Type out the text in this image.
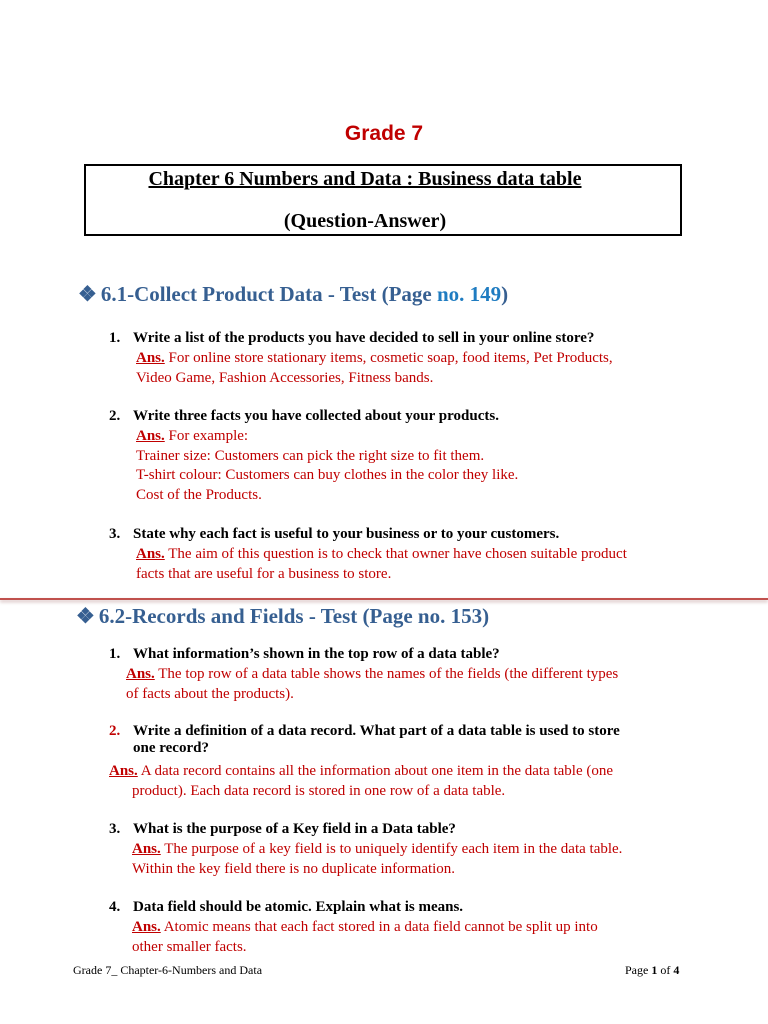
Grade 7
Chapter 6 Numbers and Data : Business data table
(Question-Answer)
❖ 6.1-Collect Product Data - Test (Page no. 149)
1. Write a list of the products you have decided to sell in your online store?
Ans. For online store stationary items, cosmetic soap, food items, Pet Products,
Video Game, Fashion Accessories, Fitness bands.
2. Write three facts you have collected about your products.
Ans. For example:
Trainer size: Customers can pick the right size to fit them.
T-shirt colour: Customers can buy clothes in the color they like.
Cost of the Products.
3. State why each fact is useful to your business or to your customers.
Ans. The aim of this question is to check that owner have chosen suitable product
facts that are useful for a business to store.
❖ 6.2-Records and Fields - Test (Page no. 153)
1. What information’s shown in the top row of a data table?
Ans. The top row of a data table shows the names of the fields (the different types
of facts about the products).
2. Write a definition of a data record. What part of a data table is used to store
one record?
Ans. A data record contains all the information about one item in the data table (one
product). Each data record is stored in one row of a data table.
3. What is the purpose of a Key field in a Data table?
Ans. The purpose of a key field is to uniquely identify each item in the data table.
Within the key field there is no duplicate information.
4. Data field should be atomic. Explain what is means.
Ans. Atomic means that each fact stored in a data field cannot be split up into
other smaller facts.
Grade 7_ Chapter-6-Numbers and Data	Page 1 of 4
